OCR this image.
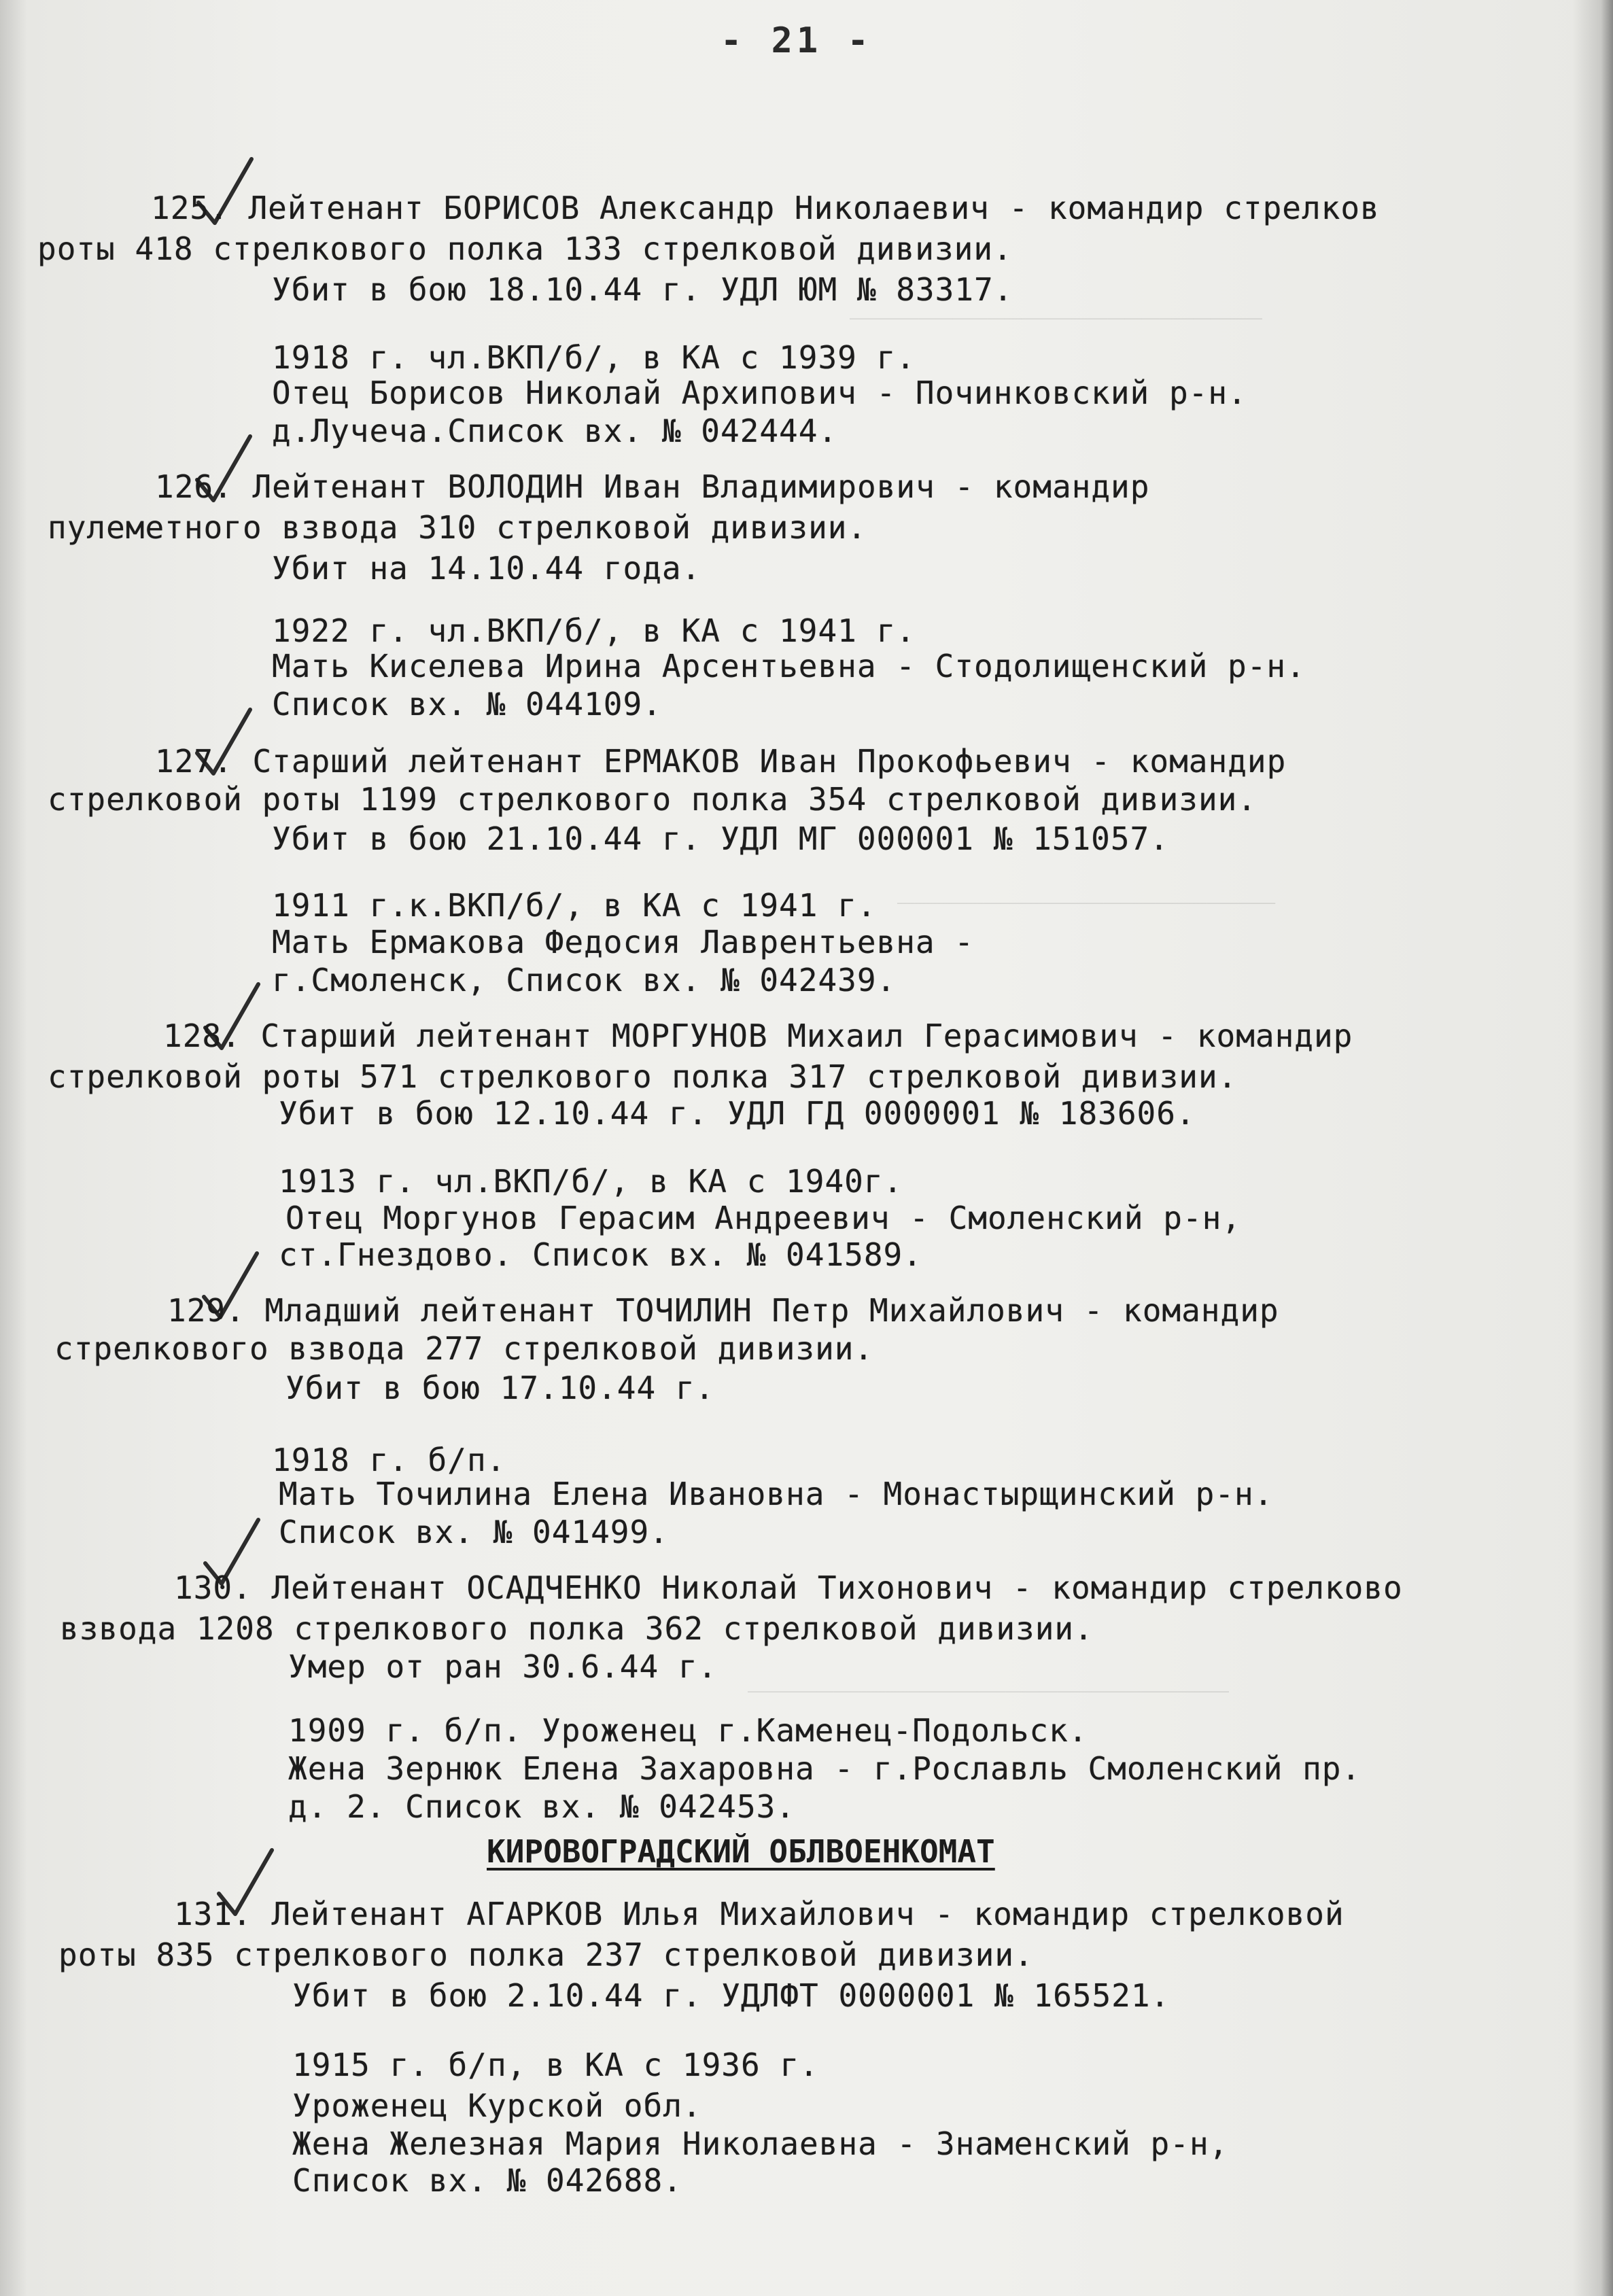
________________________
______________________
____________________________
- 21 -
125. Лейтенант БОРИСОВ Александр Николаевич - командир стрелков
роты 418 стрелкового полка 133 стрелковой дивизии.
Убит в бою 18.10.44 г. УДЛ ЮМ № 83317.
1918 г. чл.ВКП/б/, в КА с 1939 г.
Отец Борисов Николай Архипович - Починковский р-н.
д.Лучеча.Список вх. № 042444.
126. Лейтенант ВОЛОДИН Иван Владимирович - командир
пулеметного взвода 310 стрелковой дивизии.
Убит на 14.10.44 года.
1922 г. чл.ВКП/б/, в КА с 1941 г.
Мать Киселева Ирина Арсентьевна - Стодолищенский р-н.
Список вх. № 044109.
127. Старший лейтенант ЕРМАКОВ Иван Прокофьевич - командир
стрелковой роты 1199 стрелкового полка 354 стрелковой дивизии.
Убит в бою 21.10.44 г. УДЛ МГ 000001 № 151057.
1911 г.к.ВКП/б/, в КА с 1941 г.
Мать Ермакова Федосия Лаврентьевна -
г.Смоленск, Список вх. № 042439.
128. Старший лейтенант МОРГУНОВ Михаил Герасимович - командир
стрелковой роты 571 стрелкового полка 317 стрелковой дивизии.
Убит в бою 12.10.44 г. УДЛ ГД 0000001 № 183606.
1913 г. чл.ВКП/б/, в КА с 1940г.
Отец Моргунов Герасим Андреевич - Смоленский р-н,
ст.Гнездово. Список вх. № 041589.
129. Младший лейтенант ТОЧИЛИН Петр Михайлович - командир
стрелкового взвода 277 стрелковой дивизии.
Убит в бою 17.10.44 г.
1918 г. б/п.
Мать Точилина Елена Ивановна - Монастырщинский р-н.
Список вх. № 041499.
130. Лейтенант ОСАДЧЕНКО Николай Тихонович - командир стрелково
взвода 1208 стрелкового полка 362 стрелковой дивизии.
Умер от ран 30.6.44 г.
1909 г. б/п. Уроженец г.Каменец-Подольск.
Жена Зернюк Елена Захаровна - г.Рославль Смоленский пр.
д. 2. Список вх. № 042453.
КИРОВОГРАДСКИЙ ОБЛВОЕНКОМАТ
131. Лейтенант АГАРКОВ Илья Михайлович - командир стрелковой
роты 835 стрелкового полка 237 стрелковой дивизии.
Убит в бою 2.10.44 г. УДЛФТ 0000001 № 165521.
1915 г. б/п, в КА с 1936 г.
Уроженец Курской обл.
Жена Железная Мария Николаевна - Знаменский р-н,
Список вх. № 042688.
